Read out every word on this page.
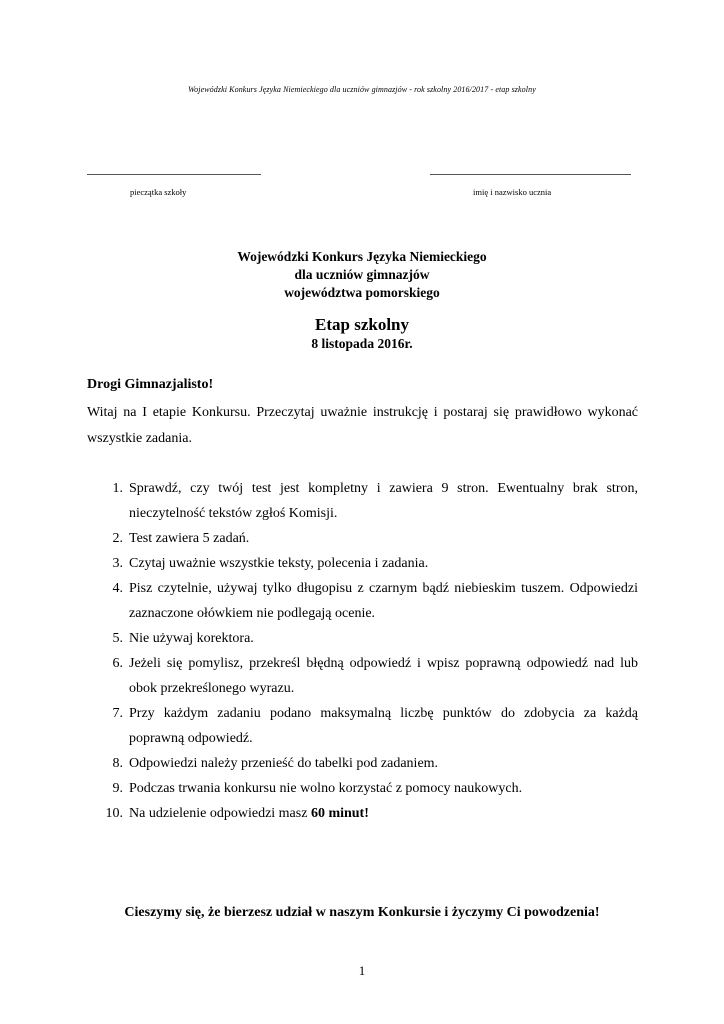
Wojewódzki Konkurs Języka Niemieckiego dla uczniów gimnazjów - rok szkolny 2016/2017 - etap szkolny
pieczątka szkoły	imię i nazwisko ucznia
Wojewódzki Konkurs Języka Niemieckiego
dla uczniów gimnazjów
województwa pomorskiego
Etap szkolny
8 listopada 2016r.
Drogi Gimnazjalisto!
Witaj na I etapie Konkursu. Przeczytaj uważnie instrukcję i postaraj się prawidłowo wykonać wszystkie zadania.
1. Sprawdź, czy twój test jest kompletny i zawiera 9 stron. Ewentualny brak stron, nieczytelność tekstów zgłoś Komisji.
2. Test zawiera 5 zadań.
3. Czytaj uważnie wszystkie teksty, polecenia i zadania.
4. Pisz czytelnie, używaj tylko długopisu z czarnym bądź niebieskim tuszem. Odpowiedzi zaznaczone ołówkiem nie podlegają ocenie.
5. Nie używaj korektora.
6. Jeżeli się pomylisz, przekreśl błędną odpowiedź i wpisz poprawną odpowiedź nad lub obok przekreślonego wyrazu.
7. Przy każdym zadaniu podano maksymalną liczbę punktów do zdobycia za każdą poprawną odpowiedź.
8. Odpowiedzi należy przenieść do tabelki pod zadaniem.
9. Podczas trwania konkursu nie wolno korzystać z pomocy naukowych.
10. Na udzielenie odpowiedzi masz 60 minut!
Cieszymy się, że bierzesz udział w naszym Konkursie i życzymy Ci powodzenia!
1
